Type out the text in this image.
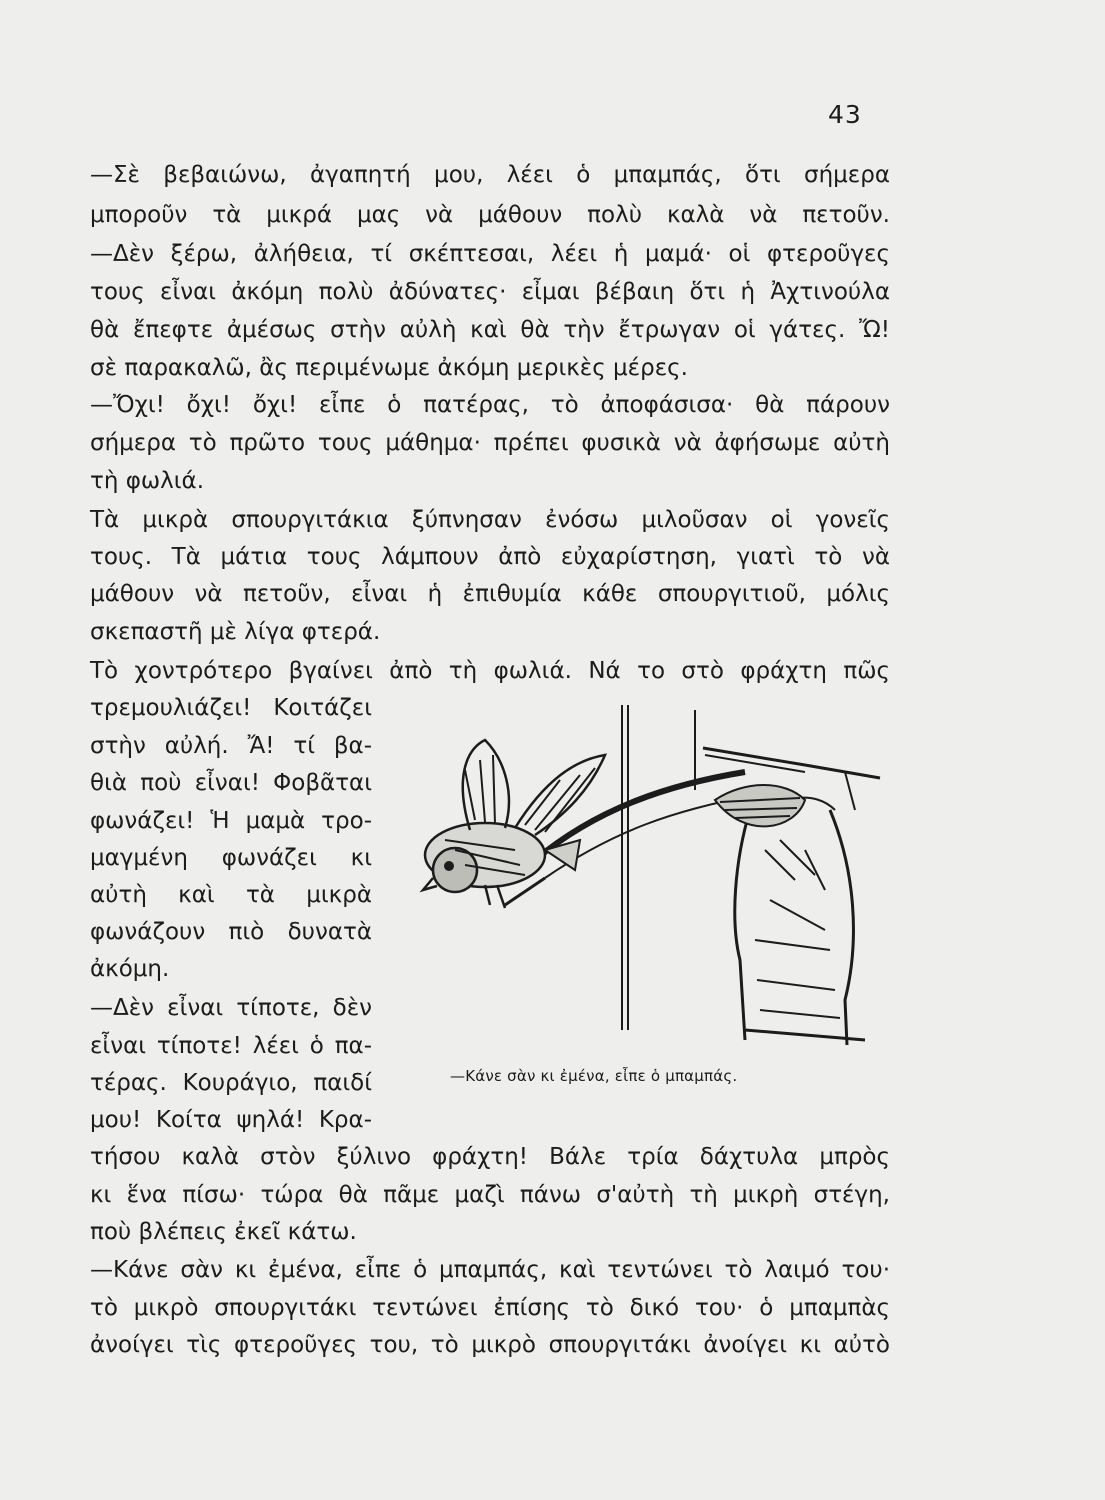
43
—Σὲ βεβαιώνω, ἀγαπητή μου, λέει ὁ μπαμπάς, ὅτι σήμερα
μποροῦν τὰ μικρά μας νὰ μάθουν πολὺ καλὰ νὰ πετοῦν.
—Δὲν ξέρω, ἀλήθεια, τί σκέπτεσαι, λέει ἡ μαμά· οἱ φτεροῦγες
τους εἶναι ἀκόμη πολὺ ἀδύνατες· εἶμαι βέβαιη ὅτι ἡ Ἀχτινούλα
θὰ ἔπεφτε ἀμέσως στὴν αὐλὴ καὶ θὰ τὴν ἔτρωγαν οἱ γάτες. Ὤ!
σὲ παρακαλῶ, ἂς περιμένωμε ἀκόμη μερικὲς μέρες.
—Ὄχι! ὄχι! ὄχι! εἶπε ὁ πατέρας, τὸ ἀποφάσισα· θὰ πάρουν
σήμερα τὸ πρῶτο τους μάθημα· πρέπει φυσικὰ νὰ ἀφήσωμε αὐτὴ
τὴ φωλιά.
Τὰ μικρὰ σπουργιτάκια ξύπνησαν ἐνόσω μιλοῦσαν οἱ γονεῖς
τους. Τὰ μάτια τους λάμπουν ἀπὸ εὐχαρίστηση, γιατὶ τὸ νὰ
μάθουν νὰ πετοῦν, εἶναι ἡ ἐπιθυμία κάθε σπουργιτιοῦ, μόλις
σκεπαστῆ μὲ λίγα φτερά.
Τὸ χοντρότερο βγαίνει ἀπὸ τὴ φωλιά. Νά το στὸ φράχτη πῶς
τρεμουλιάζει! Κοιτάζει
στὴν αὐλή. Ἄ! τί βα-
θιὰ ποὺ εἶναι! Φοβᾶται
φωνάζει! Ἡ μαμὰ τρο-
μαγμένη φωνάζει κι
αὐτὴ καὶ τὰ μικρὰ
φωνάζουν πιὸ δυνατὰ
ἀκόμη.
—Δὲν εἶναι τίποτε, δὲν
εἶναι τίποτε! λέει ὁ πα-
τέρας. Κουράγιο, παιδί
μου! Κοίτα ψηλά! Κρα-
τήσου καλὰ στὸν ξύλινο φράχτη! Βάλε τρία δάχτυλα μπρὸς
κι ἕνα πίσω· τώρα θὰ πᾶμε μαζὶ πάνω σ'αὐτὴ τὴ μικρὴ στέγη,
ποὺ βλέπεις ἐκεῖ κάτω.
—Κάνε σὰν κι ἐμένα, εἶπε ὁ μπαμπάς, καὶ τεντώνει τὸ λαιμό του·
τὸ μικρὸ σπουργιτάκι τεντώνει ἐπίσης τὸ δικό του· ὁ μπαμπὰς
ἀνοίγει τὶς φτεροῦγες του, τὸ μικρὸ σπουργιτάκι ἀνοίγει κι αὐτὸ
—Κάνε σὰν κι ἐμένα, εἶπε ὁ μπαμπάς.
